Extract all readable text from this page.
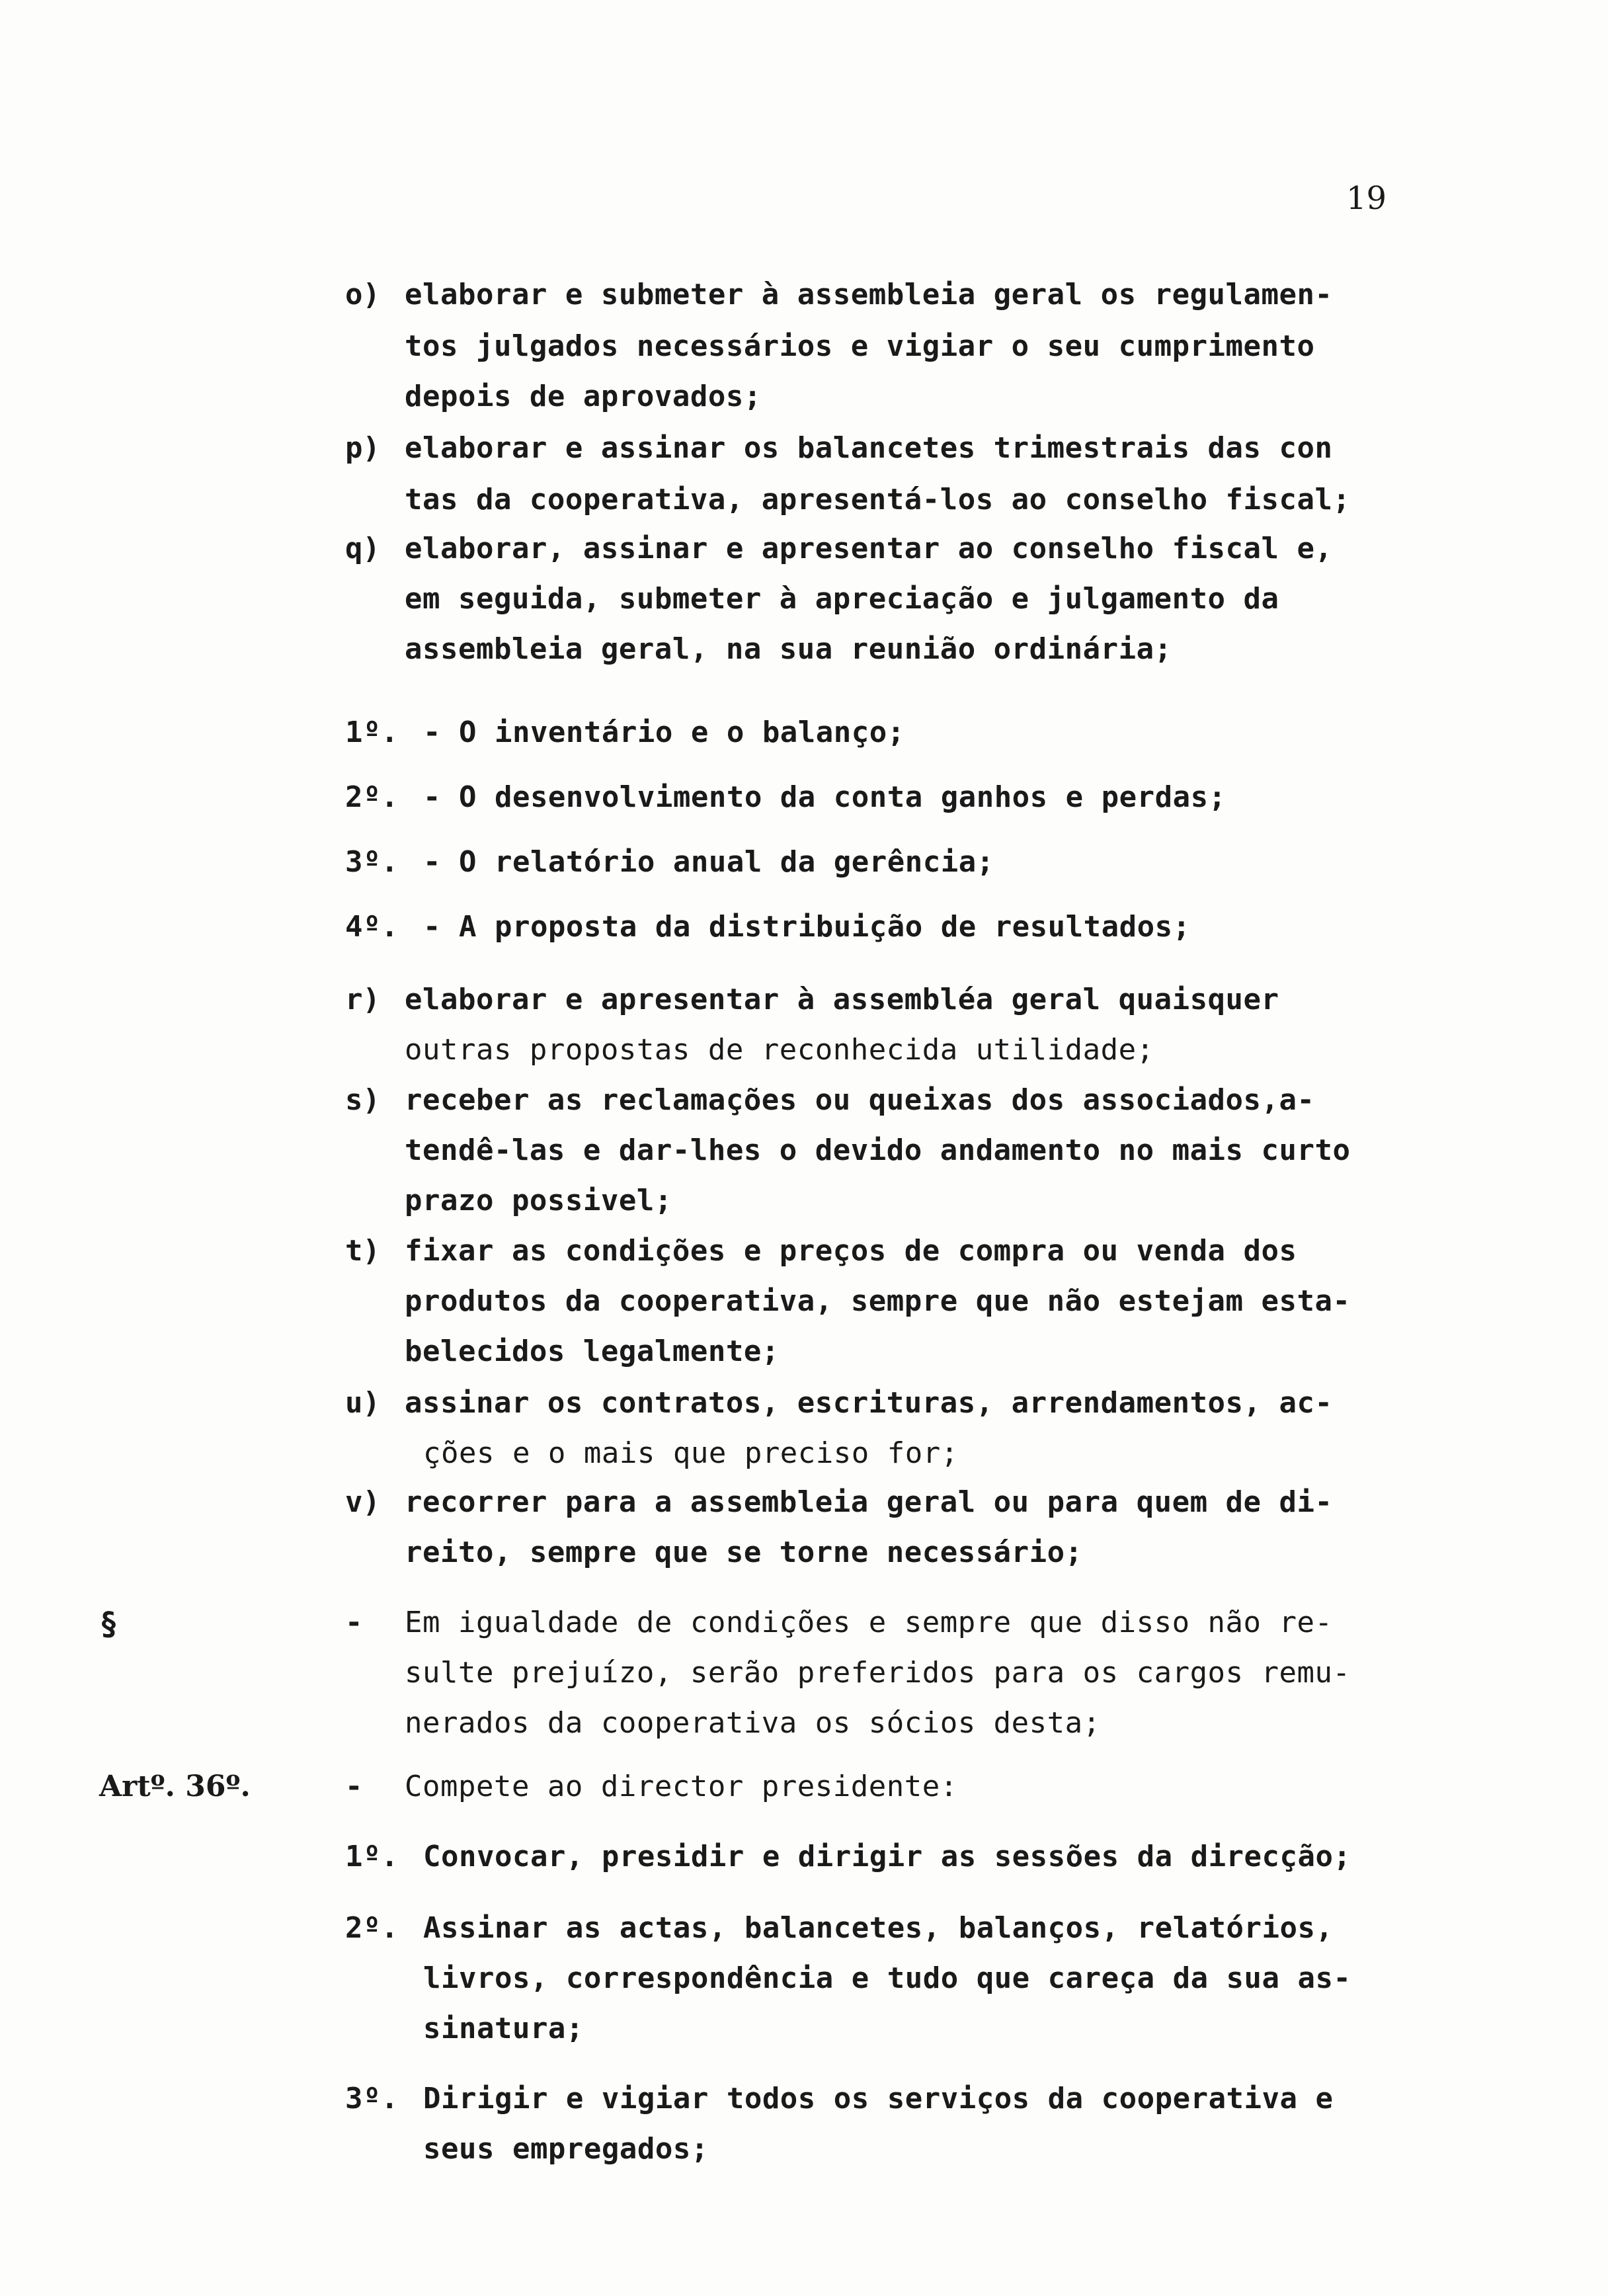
19
o) elaborar e submeter à assembleia geral os regulamen-
tos julgados necessários e vigiar o seu cumprimento
depois de aprovados;
p) elaborar e assinar os balancetes trimestrais das con
tas da cooperativa, apresentá-los ao conselho fiscal;
q) elaborar, assinar e apresentar ao conselho fiscal e,
em seguida, submeter à apreciação e julgamento da
assembleia geral, na sua reunião ordinária;
1º. - O inventário e o balanço;
2º. - O desenvolvimento da conta ganhos e perdas;
3º. - O relatório anual da gerência;
4º. - A proposta da distribuição de resultados;
r) elaborar e apresentar à assembléa geral quaisquer
outras propostas de reconhecida utilidade;
s) receber as reclamações ou queixas dos associados,a-
tendê-las e dar-lhes o devido andamento no mais curto
prazo possivel;
t) fixar as condições e preços de compra ou venda dos
produtos da cooperativa, sempre que não estejam esta-
belecidos legalmente;
u) assinar os contratos, escrituras, arrendamentos, ac-
ções e o mais que preciso for;
v) recorrer para a assembleia geral ou para quem de di-
reito, sempre que se torne necessário;
§	- Em igualdade de condições e sempre que disso não re-
sulte prejuízo, serão preferidos para os cargos remu-
nerados da cooperativa os sócios desta;
Artº. 36º.	- Compete ao director presidente:
1º. Convocar, presidir e dirigir as sessões da direcção;
2º. Assinar as actas, balancetes, balanços, relatórios,
livros, correspondência e tudo que careça da sua as-
sinatura;
3º. Dirigir e vigiar todos os serviços da cooperativa e
seus empregados;
